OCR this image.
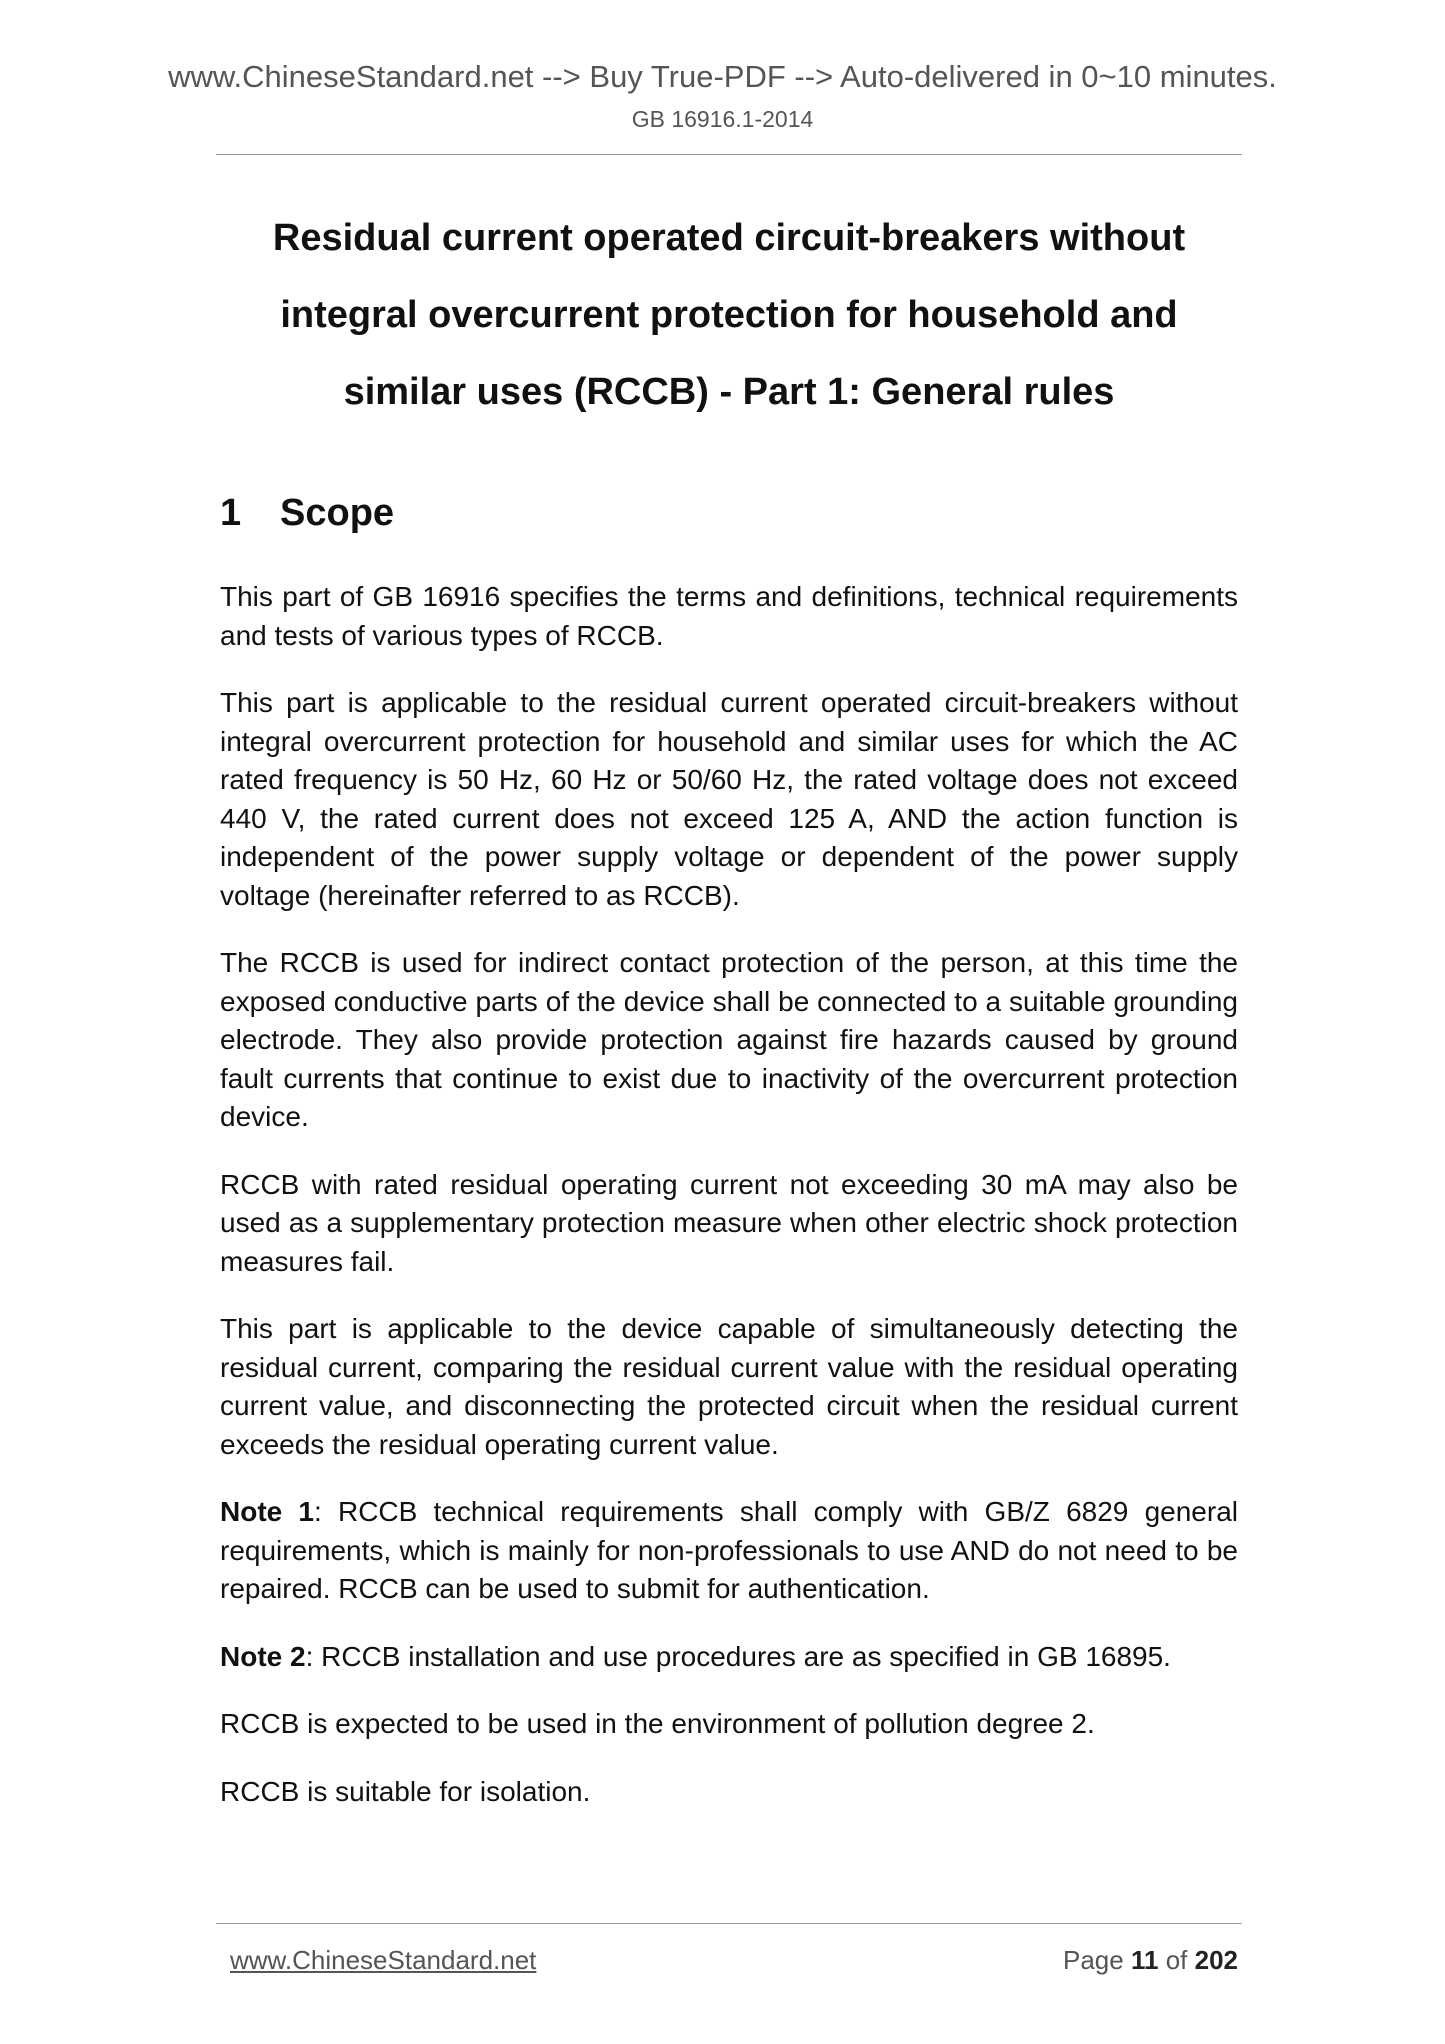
www.ChineseStandard.net --> Buy True-PDF --> Auto-delivered in 0~10 minutes.
GB 16916.1-2014
Residual current operated circuit-breakers without
integral overcurrent protection for household and
similar uses (RCCB) - Part 1: General rules
1 Scope

This part of GB 16916 specifies the terms and definitions, technical requirements and tests of various types of RCCB.

This part is applicable to the residual current operated circuit-breakers without integral overcurrent protection for household and similar uses for which the AC rated frequency is 50 Hz, 60 Hz or 50/60 Hz, the rated voltage does not exceed 440 V, the rated current does not exceed 125 A, AND the action function is independent of the power supply voltage or dependent of the power supply voltage (hereinafter referred to as RCCB).

The RCCB is used for indirect contact protection of the person, at this time the exposed conductive parts of the device shall be connected to a suitable grounding electrode. They also provide protection against fire hazards caused by ground fault currents that continue to exist due to inactivity of the overcurrent protection device.

RCCB with rated residual operating current not exceeding 30 mA may also be used as a supplementary protection measure when other electric shock protection measures fail.

This part is applicable to the device capable of simultaneously detecting the residual current, comparing the residual current value with the residual operating current value, and disconnecting the protected circuit when the residual current exceeds the residual operating current value.

Note 1: RCCB technical requirements shall comply with GB/Z 6829 general requirements, which is mainly for non-professionals to use AND do not need to be repaired. RCCB can be used to submit for authentication.

Note 2: RCCB installation and use procedures are as specified in GB 16895.

RCCB is expected to be used in the environment of pollution degree 2.

RCCB is suitable for isolation.

www.ChineseStandard.net	Page 11 of 202
